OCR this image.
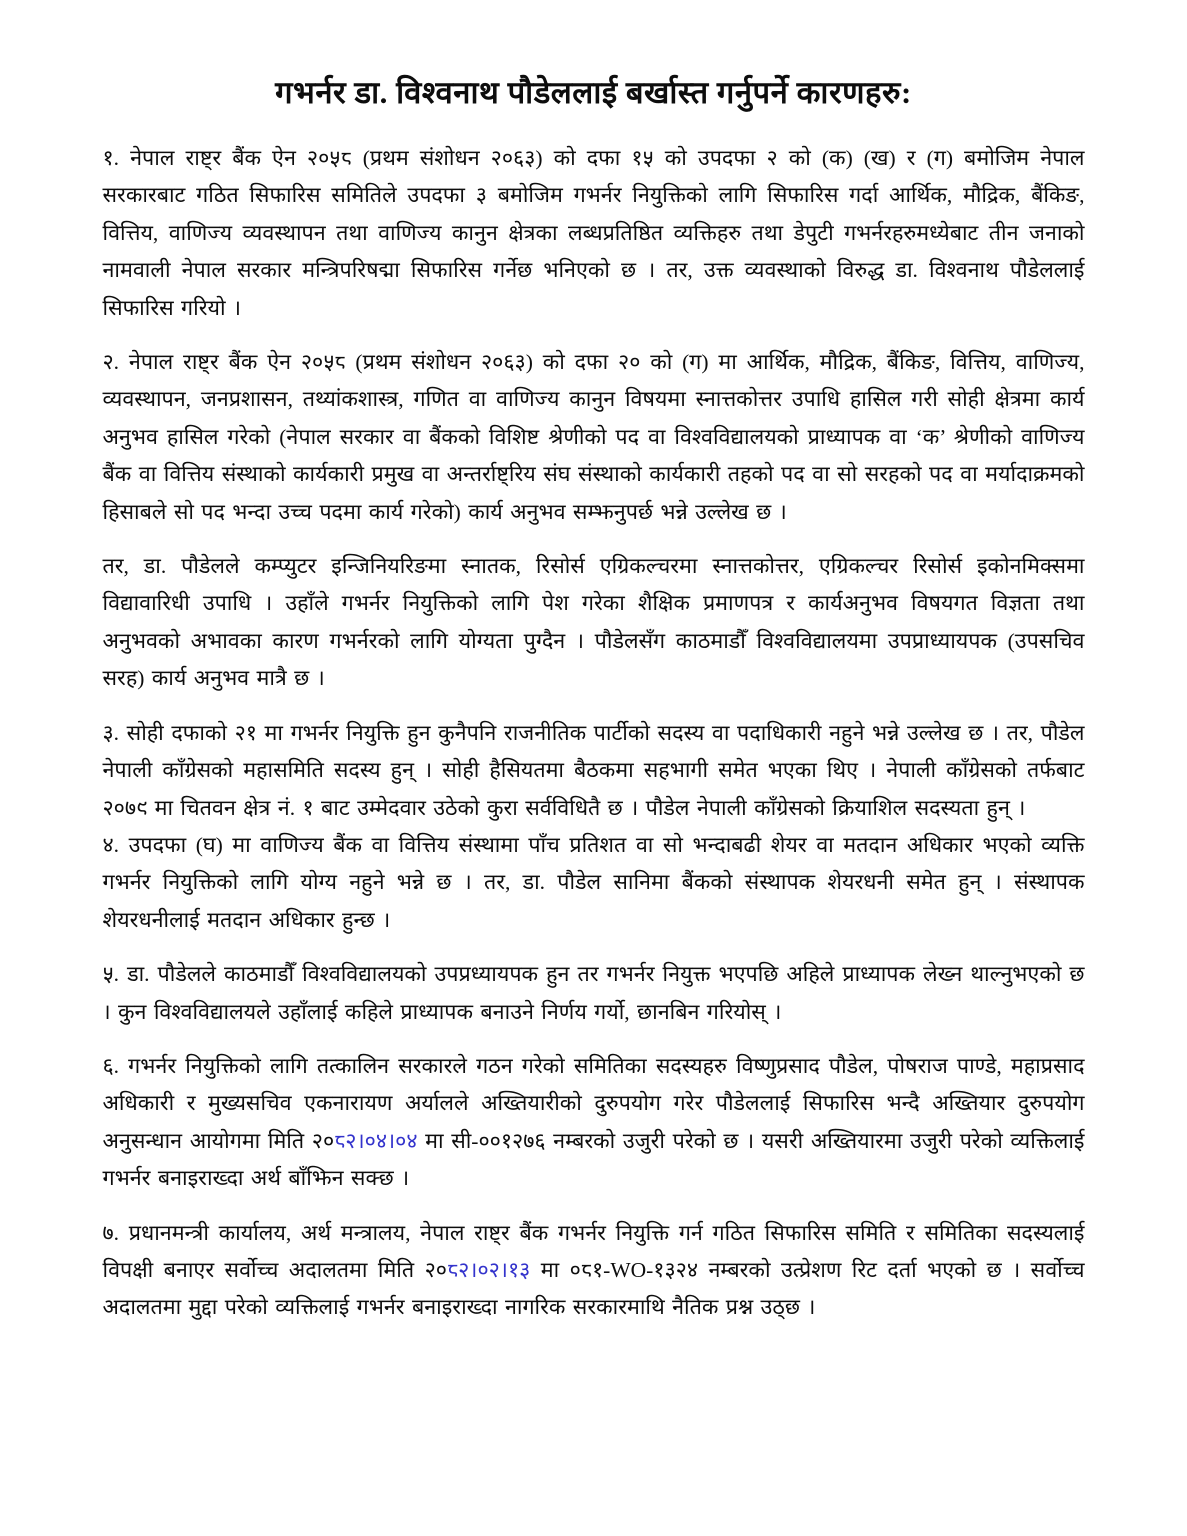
गभर्नर डा. विश्वनाथ पौडेललाई बर्खास्त गर्नुपर्ने कारणहरु:

१. नेपाल राष्ट्र बैंक ऐन २०५८ (प्रथम संशोधन २०६३) को दफा १५ को उपदफा २ को (क) (ख) र (ग) बमोजिम नेपाल सरकारबाट गठित सिफारिस समितिले उपदफा ३ बमोजिम गभर्नर नियुक्तिको लागि सिफारिस गर्दा आर्थिक, मौद्रिक, बैंकिङ, वित्तिय, वाणिज्य व्यवस्थापन तथा वाणिज्य कानुन क्षेत्रका लब्धप्रतिष्ठित व्यक्तिहरु तथा डेपुटी गभर्नरहरुमध्येबाट तीन जनाको नामवाली नेपाल सरकार मन्त्रिपरिषद्मा सिफारिस गर्नेछ भनिएको छ । तर, उक्त व्यवस्थाको विरुद्ध डा. विश्वनाथ पौडेललाई सिफारिस गरियो ।

२. नेपाल राष्ट्र बैंक ऐन २०५८ (प्रथम संशोधन २०६३) को दफा २० को (ग) मा आर्थिक, मौद्रिक, बैंकिङ, वित्तिय, वाणिज्य, व्यवस्थापन, जनप्रशासन, तथ्यांकशास्त्र, गणित वा वाणिज्य कानुन विषयमा स्नात्तकोत्तर उपाधि हासिल गरी सोही क्षेत्रमा कार्य अनुभव हासिल गरेको (नेपाल सरकार वा बैंकको विशिष्ट श्रेणीको पद वा विश्वविद्यालयको प्राध्यापक वा ‘क’ श्रेणीको वाणिज्य बैंक वा वित्तिय संस्थाको कार्यकारी प्रमुख वा अन्तर्राष्ट्रिय संघ संस्थाको कार्यकारी तहको पद वा सो सरहको पद वा मर्यादाक्रमको हिसाबले सो पद भन्दा उच्च पदमा कार्य गरेको) कार्य अनुभव सम्झनुपर्छ भन्ने उल्लेख छ ।

तर, डा. पौडेलले कम्प्युटर इन्जिनियरिङमा स्नातक, रिसोर्स एग्रिकल्चरमा स्नात्तकोत्तर, एग्रिकल्चर रिसोर्स इकोनमिक्समा विद्यावारिधी उपाधि । उहाँले गभर्नर नियुक्तिको लागि पेश गरेका शैक्षिक प्रमाणपत्र र कार्यअनुभव विषयगत विज्ञता तथा अनुभवको अभावका कारण गभर्नरको लागि योग्यता पुग्दैन । पौडेलसँग काठमाडौँ विश्वविद्यालयमा उपप्राध्यायपक (उपसचिव सरह) कार्य अनुभव मात्रै छ ।

३. सोही दफाको २१ मा गभर्नर नियुक्ति हुन कुनैपनि राजनीतिक पार्टीको सदस्य वा पदाधिकारी नहुने भन्ने उल्लेख छ । तर, पौडेल नेपाली काँग्रेसको महासमिति सदस्य हुन् । सोही हैसियतमा बैठकमा सहभागी समेत भएका थिए । नेपाली काँग्रेसको तर्फबाट २०७९ मा चितवन क्षेत्र नं. १ बाट उम्मेदवार उठेको कुरा सर्वविधितै छ । पौडेल नेपाली काँग्रेसको क्रियाशिल सदस्यता हुन् ।

४. उपदफा (घ) मा वाणिज्य बैंक वा वित्तिय संस्थामा पाँच प्रतिशत वा सो भन्दाबढी शेयर वा मतदान अधिकार भएको व्यक्ति गभर्नर नियुक्तिको लागि योग्य नहुने भन्ने छ । तर, डा. पौडेल सानिमा बैंकको संस्थापक शेयरधनी समेत हुन् । संस्थापक शेयरधनीलाई मतदान अधिकार हुन्छ ।

५. डा. पौडेलले काठमाडौँ विश्वविद्यालयको उपप्रध्यायपक हुन तर गभर्नर नियुक्त भएपछि अहिले प्राध्यापक लेख्न थाल्नुभएको छ । कुन विश्वविद्यालयले उहाँलाई कहिले प्राध्यापक बनाउने निर्णय गर्यो, छानबिन गरियोस् ।

६. गभर्नर नियुक्तिको लागि तत्कालिन सरकारले गठन गरेको समितिका सदस्यहरु विष्णुप्रसाद पौडेल, पोषराज पाण्डे, महाप्रसाद अधिकारी र मुख्यसचिव एकनारायण अर्यालले अख्तियारीको दुरुपयोग गरेर पौडेललाई सिफारिस भन्दै अख्तियार दुरुपयोग अनुसन्धान आयोगमा मिति २०८२।०४।०४ मा सी-००१२७६ नम्बरको उजुरी परेको छ । यसरी अख्तियारमा उजुरी परेको व्यक्तिलाई गभर्नर बनाइराख्दा अर्थ बाँझिन सक्छ ।

७. प्रधानमन्त्री कार्यालय, अर्थ मन्त्रालय, नेपाल राष्ट्र बैंक गभर्नर नियुक्ति गर्न गठित सिफारिस समिति र समितिका सदस्यलाई विपक्षी बनाएर सर्वोच्च अदालतमा मिति २०८२।०२।१३ मा ०८१-WO-१३२४ नम्बरको उत्प्रेशण रिट दर्ता भएको छ । सर्वोच्च अदालतमा मुद्दा परेको व्यक्तिलाई गभर्नर बनाइराख्दा नागरिक सरकारमाथि नैतिक प्रश्न उठ्छ ।
